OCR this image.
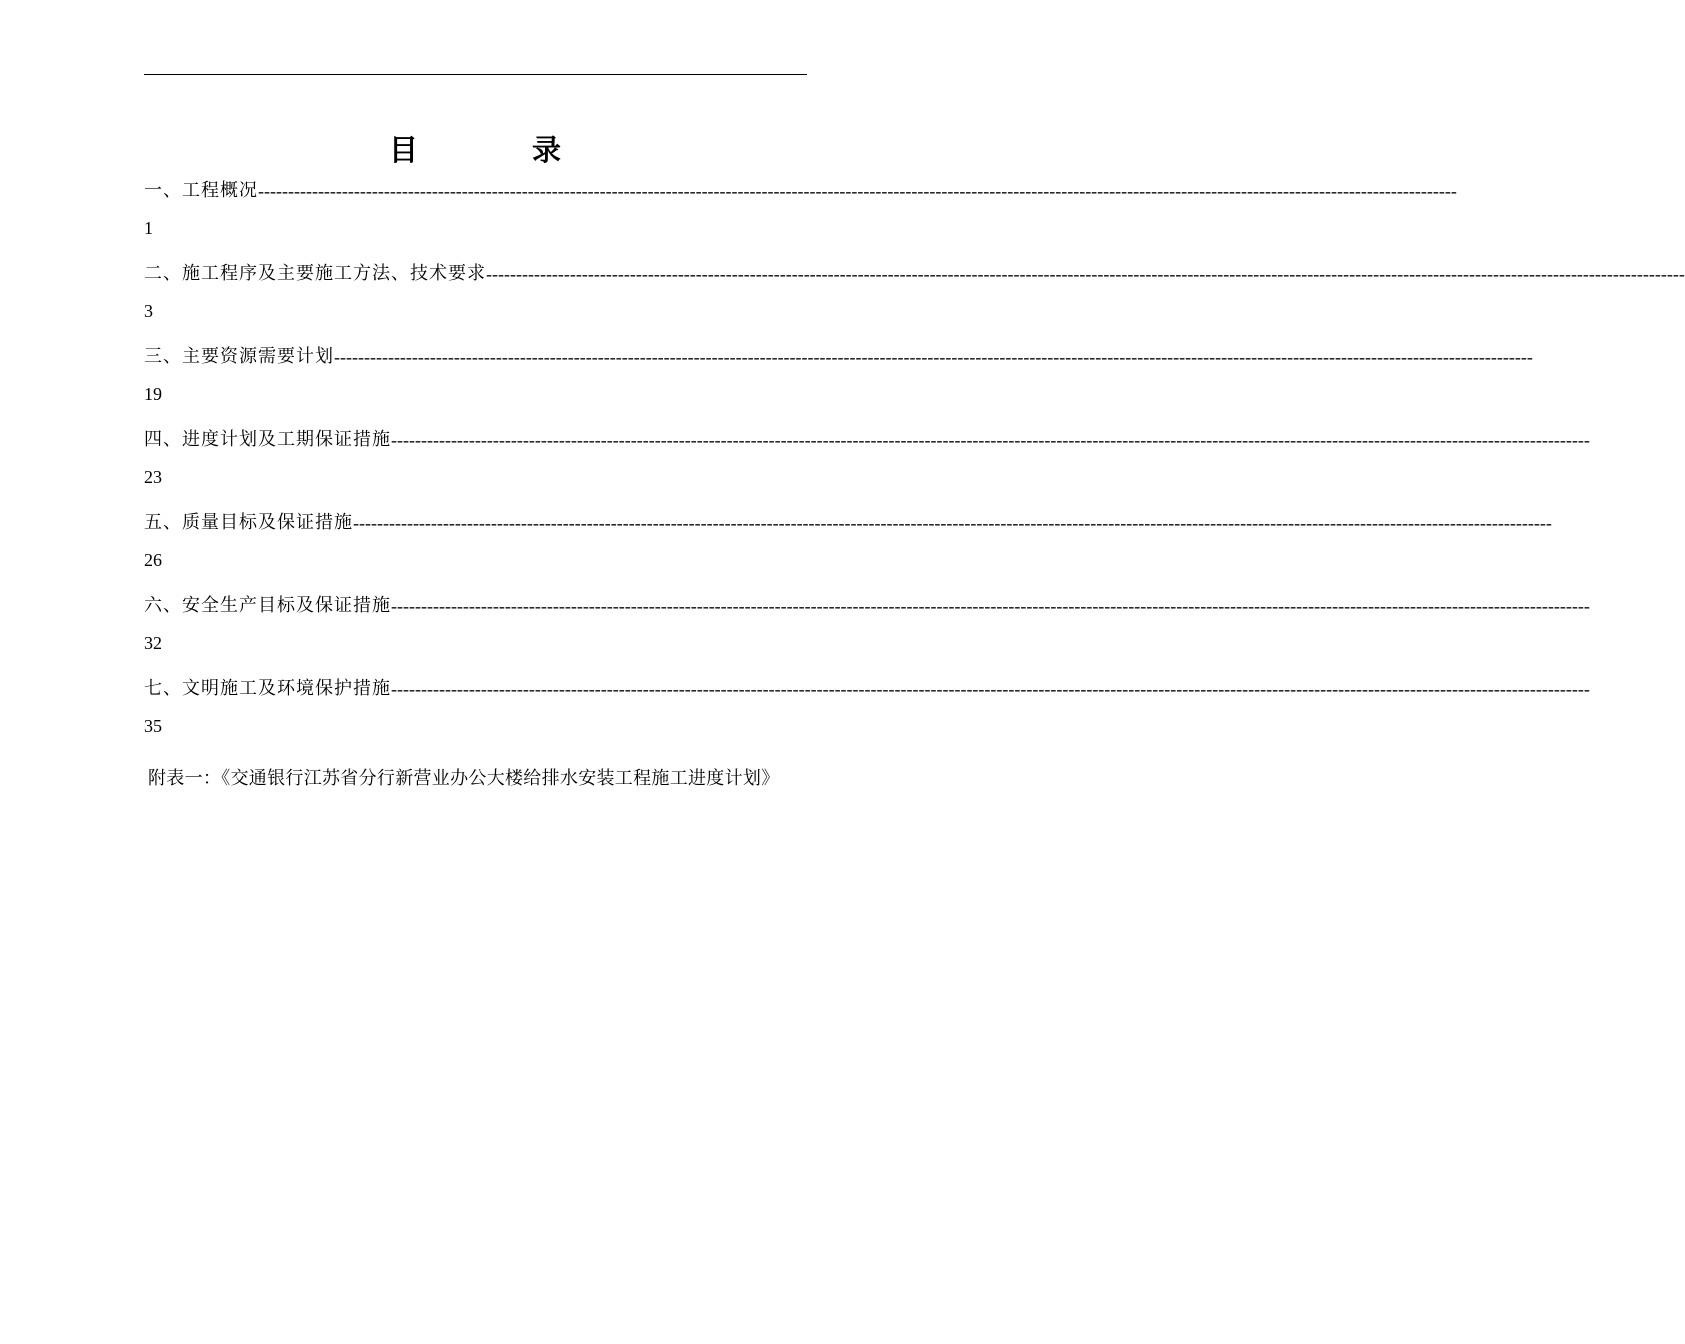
目 录
一、工程概况 --------------------------------------------------------------------------------------------------------------------------------------------------------------------------------------------------------
1
二、施工程序及主要施工方法、技术要求 --------------------------------------------------------------------------------------------------------------------------------------------------------------------------------------------------------
3
三、主要资源需要计划 --------------------------------------------------------------------------------------------------------------------------------------------------------------------------------------------------------
19
四、进度计划及工期保证措施 --------------------------------------------------------------------------------------------------------------------------------------------------------------------------------------------------------
23
五、质量目标及保证措施 --------------------------------------------------------------------------------------------------------------------------------------------------------------------------------------------------------
26
六、安全生产目标及保证措施 --------------------------------------------------------------------------------------------------------------------------------------------------------------------------------------------------------
32
七、文明施工及环境保护措施 --------------------------------------------------------------------------------------------------------------------------------------------------------------------------------------------------------
35
附表一：《交通银行江苏省分行新营业办公大楼给排水安装工程施工进度计划》
